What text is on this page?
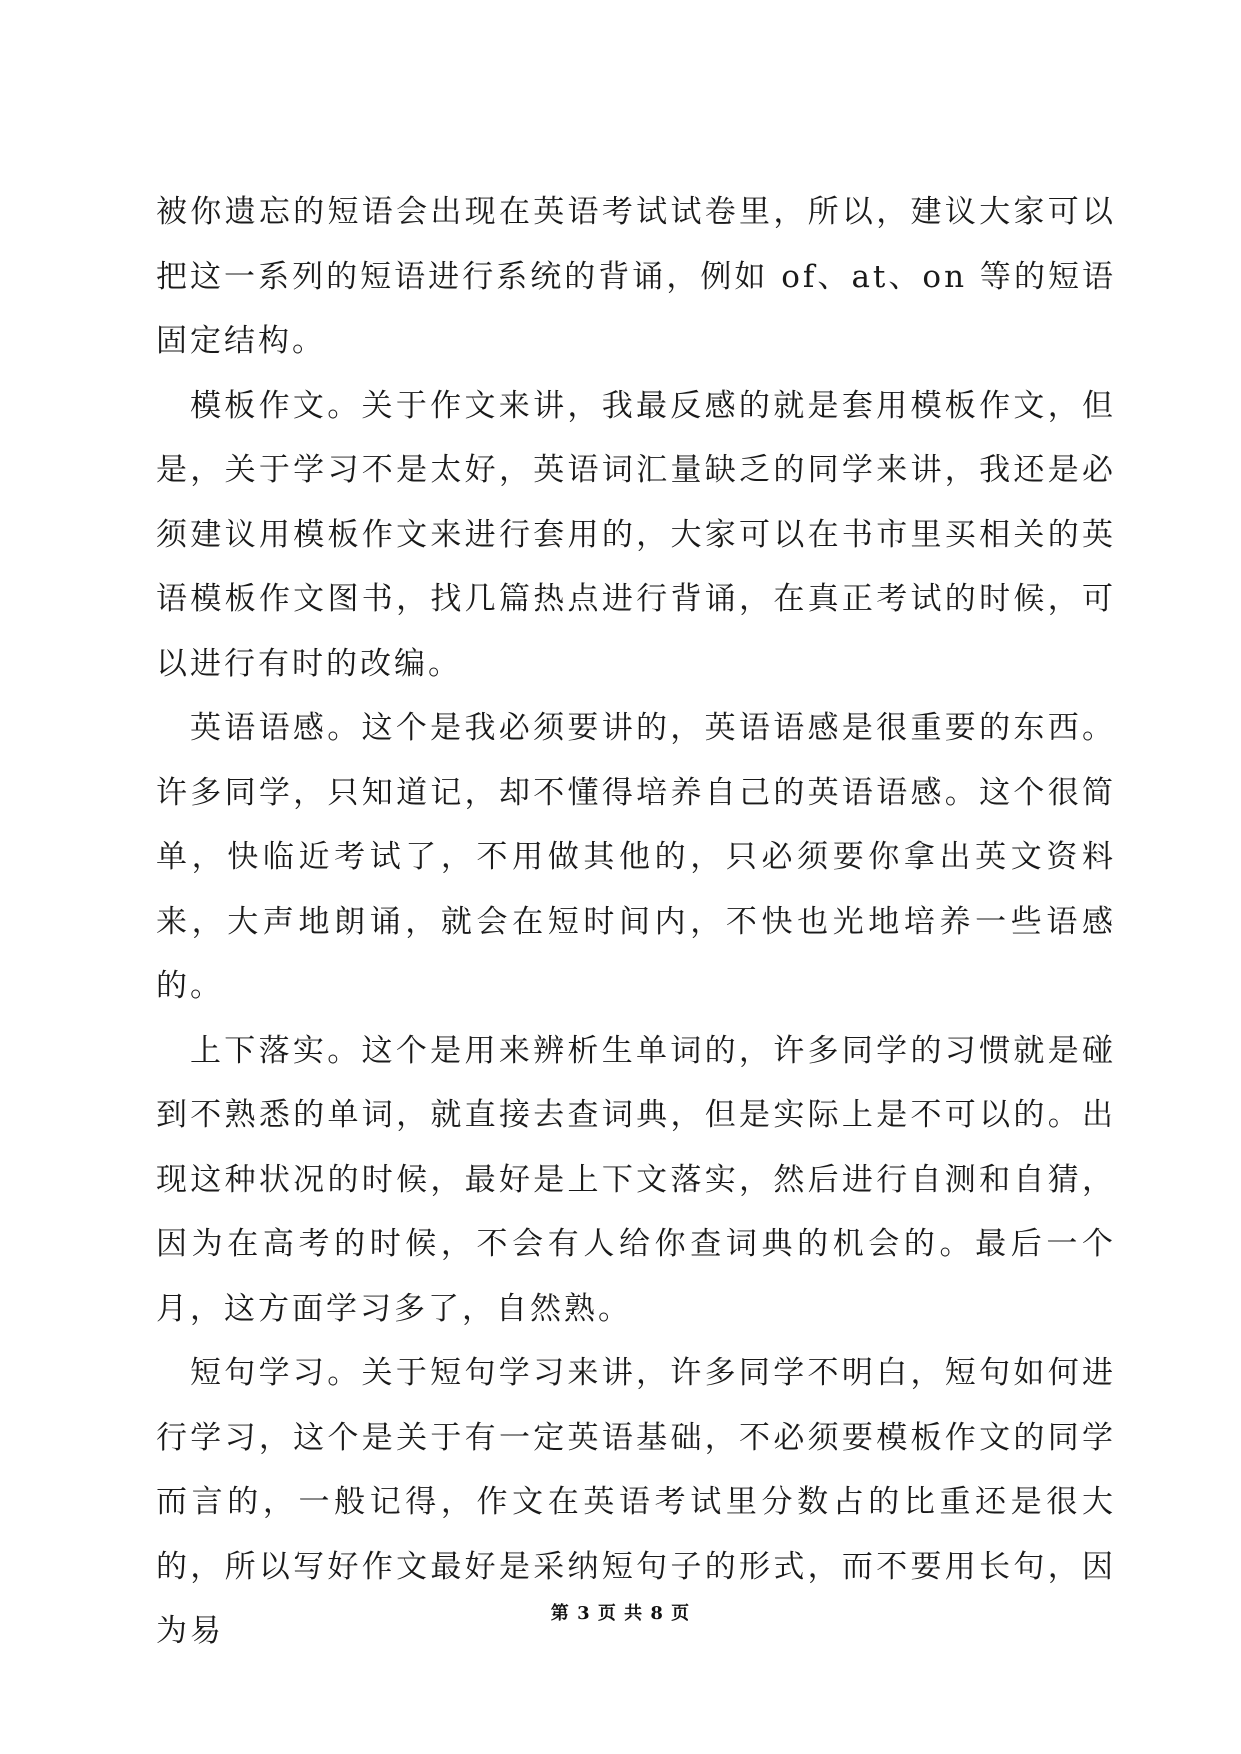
被你遗忘的短语会出现在英语考试试卷里，所以，建议大家可以把这一系列的短语进行系统的背诵，例如 of、at、on 等的短语固定结构。

模板作文。关于作文来讲，我最反感的就是套用模板作文，但是，关于学习不是太好，英语词汇量缺乏的同学来讲，我还是必须建议用模板作文来进行套用的，大家可以在书市里买相关的英语模板作文图书，找几篇热点进行背诵，在真正考试的时候，可以进行有时的改编。

英语语感。这个是我必须要讲的，英语语感是很重要的东西。许多同学，只知道记，却不懂得培养自己的英语语感。这个很简单，快临近考试了，不用做其他的，只必须要你拿出英文资料来，大声地朗诵，就会在短时间内，不快也光地培养一些语感的。

上下落实。这个是用来辨析生单词的，许多同学的习惯就是碰到不熟悉的单词，就直接去查词典，但是实际上是不可以的。出现这种状况的时候，最好是上下文落实，然后进行自测和自猜，因为在高考的时候，不会有人给你查词典的机会的。最后一个月，这方面学习多了，自然熟。

短句学习。关于短句学习来讲，许多同学不明白，短句如何进行学习，这个是关于有一定英语基础，不必须要模板作文的同学而言的，一般记得，作文在英语考试里分数占的比重还是很大的，所以写好作文最好是采纳短句子的形式，而不要用长句，因为易	第 3 页 共 8 页
